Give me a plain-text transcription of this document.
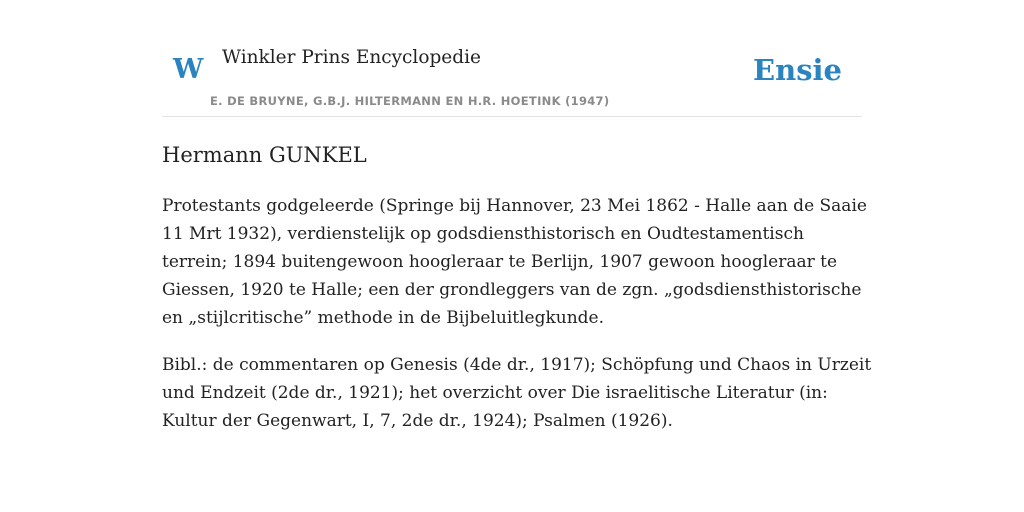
W Winkler Prins Encyclopedie
E. DE BRUYNE, G.B.J. HILTERMANN EN H.R. HOETINK (1947)
Ensie
Hermann GUNKEL

Protestants godgeleerde (Springe bij Hannover, 23 Mei 1862 - Halle aan de Saaie 11 Mrt 1932), verdienstelijk op godsdiensthistorisch en Oudtestamentisch terrein; 1894 buitengewoon hoogleraar te Berlijn, 1907 gewoon hoogleraar te Giessen, 1920 te Halle; een der grondleggers van de zgn. „godsdiensthistorische en „stijlcritische” methode in de Bijbeluitlegkunde.

Bibl.: de commentaren op Genesis (4de dr., 1917); Schöpfung und Chaos in Urzeit und Endzeit (2de dr., 1921); het overzicht over Die israelitische Literatur (in: Kultur der Gegenwart, I, 7, 2de dr., 1924); Psalmen (1926).
